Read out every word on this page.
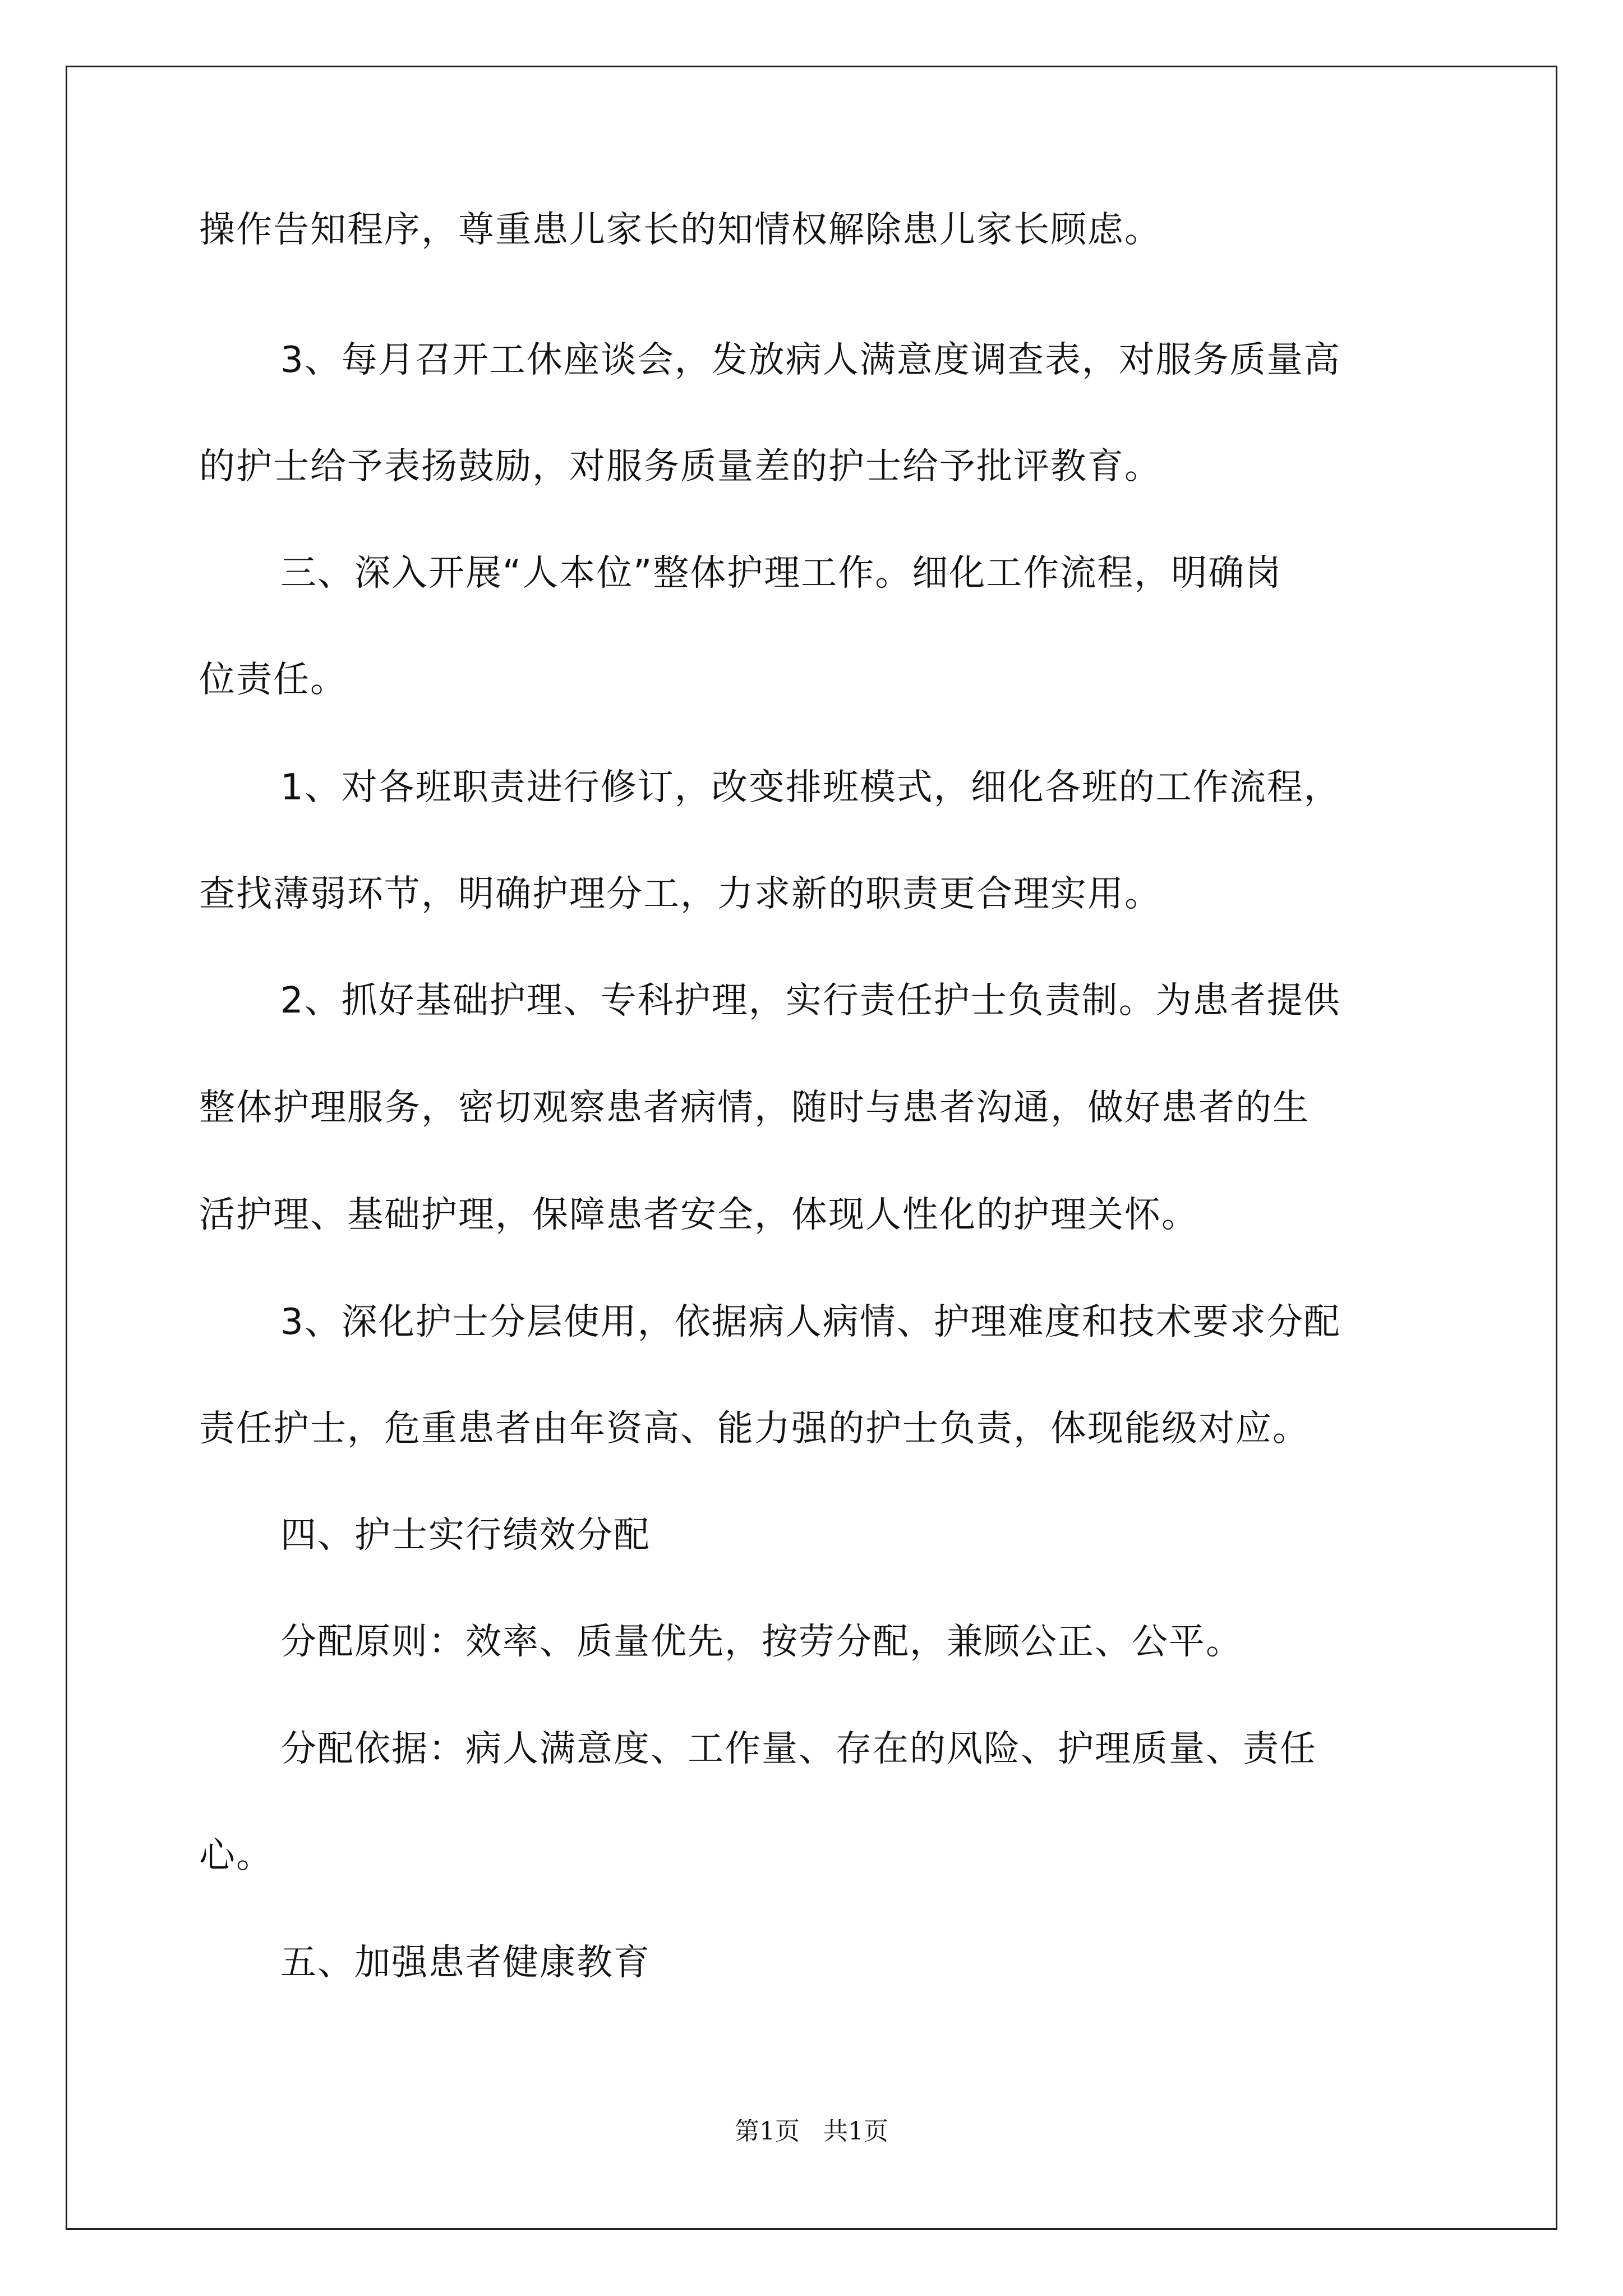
操作告知程序，尊重患儿家长的知情权解除患儿家长顾虑。
3、每月召开工休座谈会，发放病人满意度调查表，对服务质量高
的护士给予表扬鼓励，对服务质量差的护士给予批评教育。
三、深入开展“人本位”整体护理工作。细化工作流程，明确岗
位责任。
1、对各班职责进行修订，改变排班模式，细化各班的工作流程，
查找薄弱环节，明确护理分工，力求新的职责更合理实用。
2、抓好基础护理、专科护理，实行责任护士负责制。为患者提供
整体护理服务，密切观察患者病情，随时与患者沟通，做好患者的生
活护理、基础护理，保障患者安全，体现人性化的护理关怀。
3、深化护士分层使用，依据病人病情、护理难度和技术要求分配
责任护士，危重患者由年资高、能力强的护士负责，体现能级对应。
四、护士实行绩效分配
分配原则：效率、质量优先，按劳分配，兼顾公正、公平。
分配依据：病人满意度、工作量、存在的风险、护理质量、责任
心。
五、加强患者健康教育
第1页   共1页
